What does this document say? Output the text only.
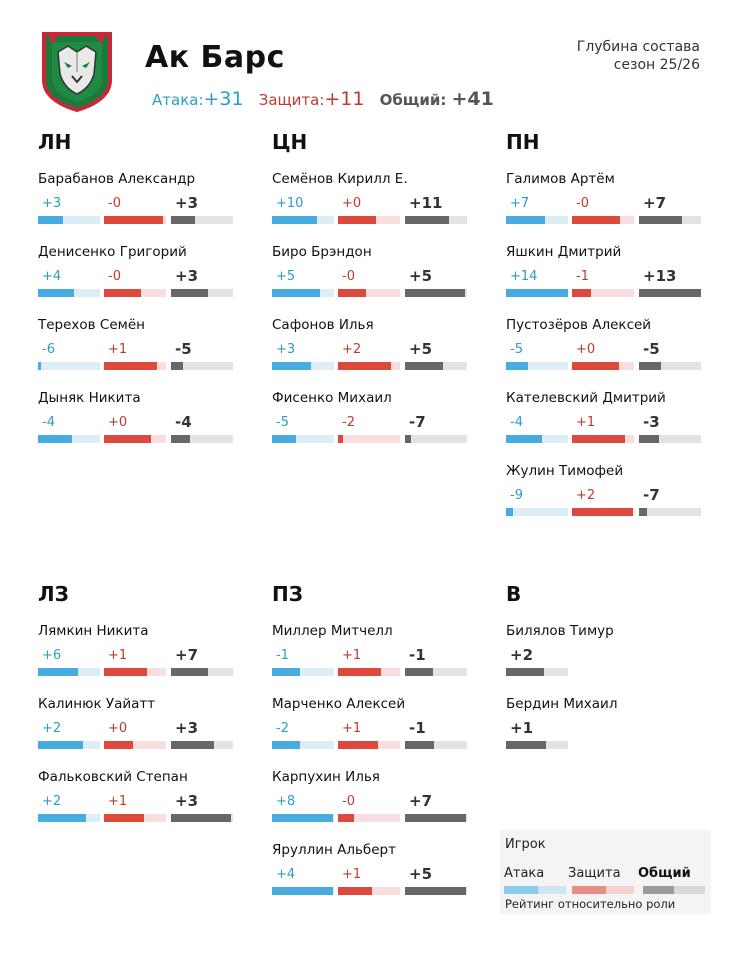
Ак Барс
Атака:+31 Защита:+11 Общий: +41
Глубина состава
сезон 25/26
ЛН
Барабанов Александр
+3	-0	+3
Денисенко Григорий
+4	-0	+3
Терехов Семён
-6	+1	-5
Дыняк Никита
-4	+0	-4
ЦН
Семёнов Кирилл Е.
+10	+0	+11
Биро Брэндон
+5	-0	+5
Сафонов Илья
+3	+2	+5
Фисенко Михаил
-5	-2	-7
ПН
Галимов Артём
+7	-0	+7
Яшкин Дмитрий
+14	-1	+13
Пустозёров Алексей
-5	+0	-5
Кателевский Дмитрий
-4	+1	-3
Жулин Тимофей
-9	+2	-7
ЛЗ
Лямкин Никита
+6	+1	+7
Калинюк Уайатт
+2	+0	+3
Фальковский Степан
+2	+1	+3
ПЗ
Миллер Митчелл
-1	+1	-1
Марченко Алексей
-2	+1	-1
Карпухин Илья
+8	-0	+7
Яруллин Альберт
+4	+1	+5
В
Билялов Тимур
+2
Бердин Михаил
+1
Игрок
Атака Защита Общий
Рейтинг относительно роли
